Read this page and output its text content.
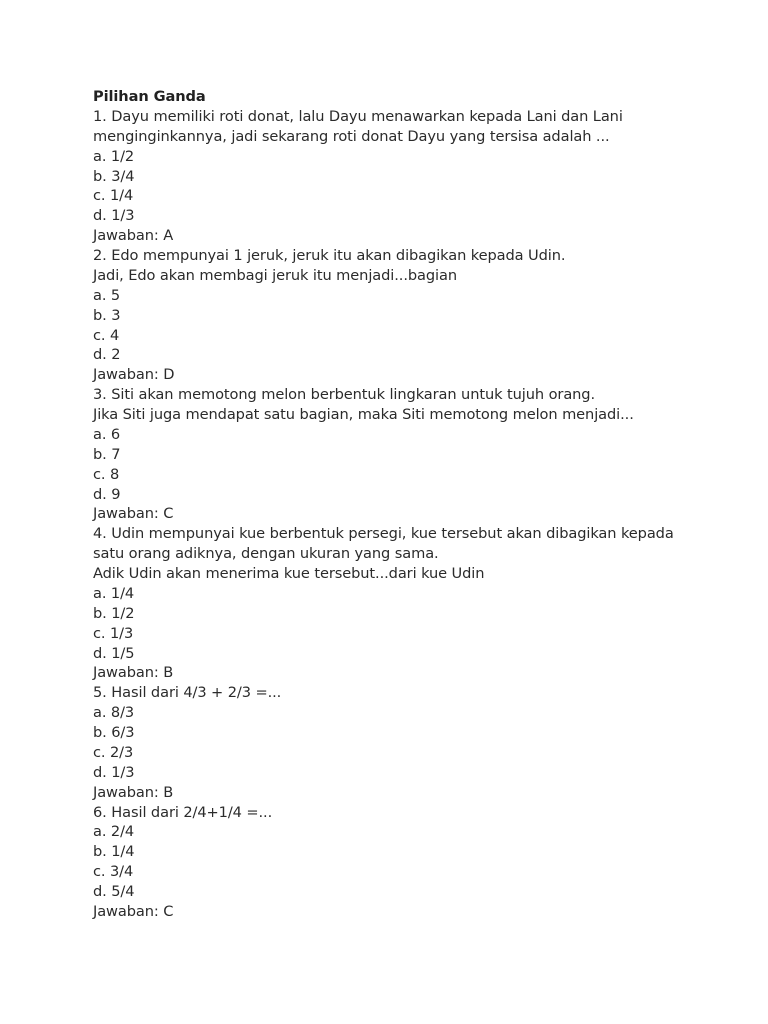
Pilihan Ganda
1. Dayu memiliki roti donat, lalu Dayu menawarkan kepada Lani dan Lani
menginginkannya, jadi sekarang roti donat Dayu yang tersisa adalah ...
a. 1/2
b. 3/4
c. 1/4
d. 1/3
Jawaban: A
2. Edo mempunyai 1 jeruk, jeruk itu akan dibagikan kepada Udin.
Jadi, Edo akan membagi jeruk itu menjadi...bagian
a. 5
b. 3
c. 4
d. 2
Jawaban: D
3. Siti akan memotong melon berbentuk lingkaran untuk tujuh orang.
Jika Siti juga mendapat satu bagian, maka Siti memotong melon menjadi...
a. 6
b. 7
c. 8
d. 9
Jawaban: C
4. Udin mempunyai kue berbentuk persegi, kue tersebut akan dibagikan kepada
satu orang adiknya, dengan ukuran yang sama.
Adik Udin akan menerima kue tersebut...dari kue Udin
a. 1/4
b. 1/2
c. 1/3
d. 1/5
Jawaban: B
5. Hasil dari 4/3 + 2/3 =...
a. 8/3
b. 6/3
c. 2/3
d. 1/3
Jawaban: B
6. Hasil dari 2/4+1/4 =...
a. 2/4
b. 1/4
c. 3/4
d. 5/4
Jawaban: C
